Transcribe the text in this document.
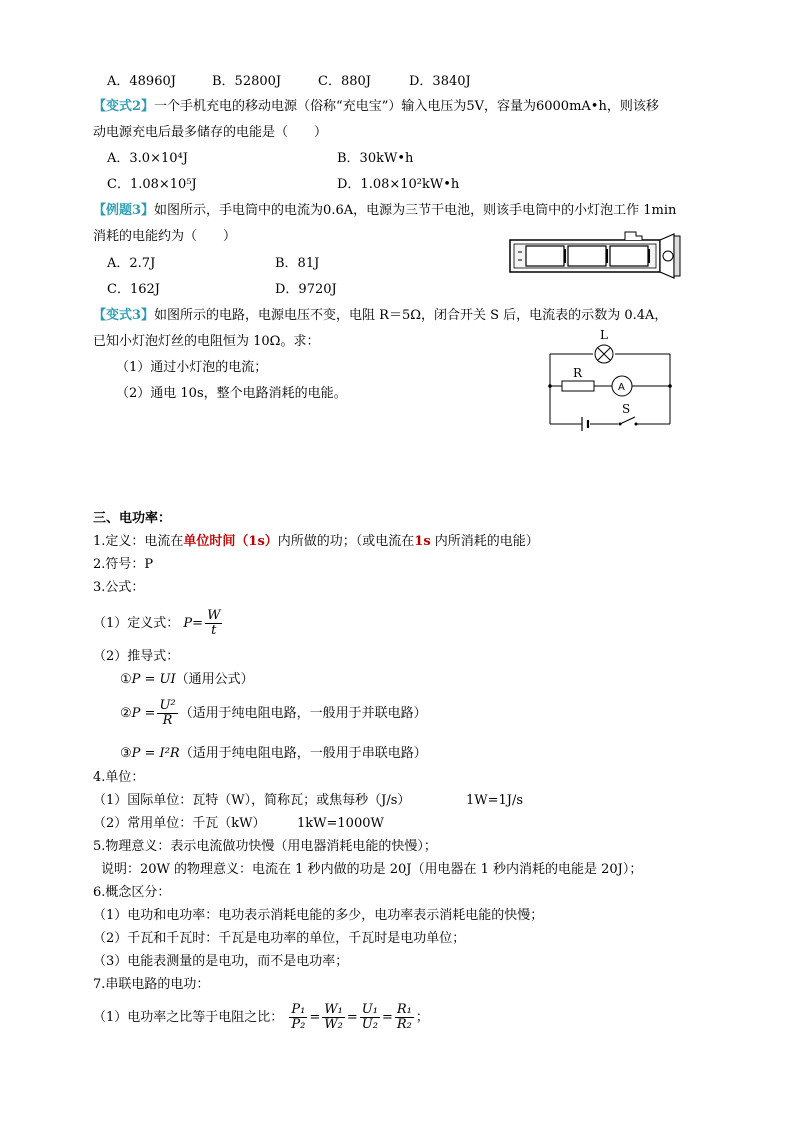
A．48960J	B．52800J	C．880J	D．3840J
【变式2】一个手机充电的移动电源（俗称“充电宝”）输入电压为5V，容量为6000mA•h，则该移
动电源充电后最多储存的电能是（　　）
A．3.0×10⁴J	B．30kW•h
C．1.08×10⁵J	D．1.08×10²kW•h
【例题3】如图所示，手电筒中的电流为0.6A，电源为三节干电池，则该手电筒中的小灯泡工作 1min
消耗的电能约为（　　）
A．2.7J	B．81J
C．162J	D．9720J
【变式3】如图所示的电路，电源电压不变，电阻 R＝5Ω，闭合开关 S 后，电流表的示数为 0.4A，
已知小灯泡灯丝的电阻恒为 10Ω。求：
（1）通过小灯泡的电流；
（2）通电 10s，整个电路消耗的电能。
L
R
A
S
三、电功率：
1.定义：电流在单位时间（1s）内所做的功；（或电流在1s 内所消耗的电能）
2.符号：P
3.公式：
（1）定义式： $P= \frac{W}{t}$
（2）推导式：
①P = UI（通用公式）
②P = $\frac{\text{U²}}{R}$ （适用于纯电阻电路，一般用于并联电路）
③P = I²R（适用于纯电阻电路，一般用于串联电路）
4.单位：
（1）国际单位：瓦特（W），简称瓦；或焦每秒（J/s）	1W=1J/s
（2）常用单位：千瓦（kW） 1kW=1000W
5.物理意义：表示电流做功快慢（用电器消耗电能的快慢）；
说明：20W 的物理意义：电流在 1 秒内做的功是 20J（用电器在 1 秒内消耗的电能是 20J）；
6.概念区分：
（1）电功和电功率：电功表示消耗电能的多少，电功率表示消耗电能的快慢；
（2）千瓦和千瓦时：千瓦是电功率的单位，千瓦时是电功单位；
（3）电能表测量的是电功，而不是电功率；
7.串联电路的电功：
（1）电功率之比等于电阻之比： $\frac{\text{P₁}}{\text{P₂}} = \frac{\text{W₁}}{\text{W₂}} = \frac{\text{U₁}}{\text{U₂}} = \frac{\text{R₁}}{\text{R₂}}$ ；
